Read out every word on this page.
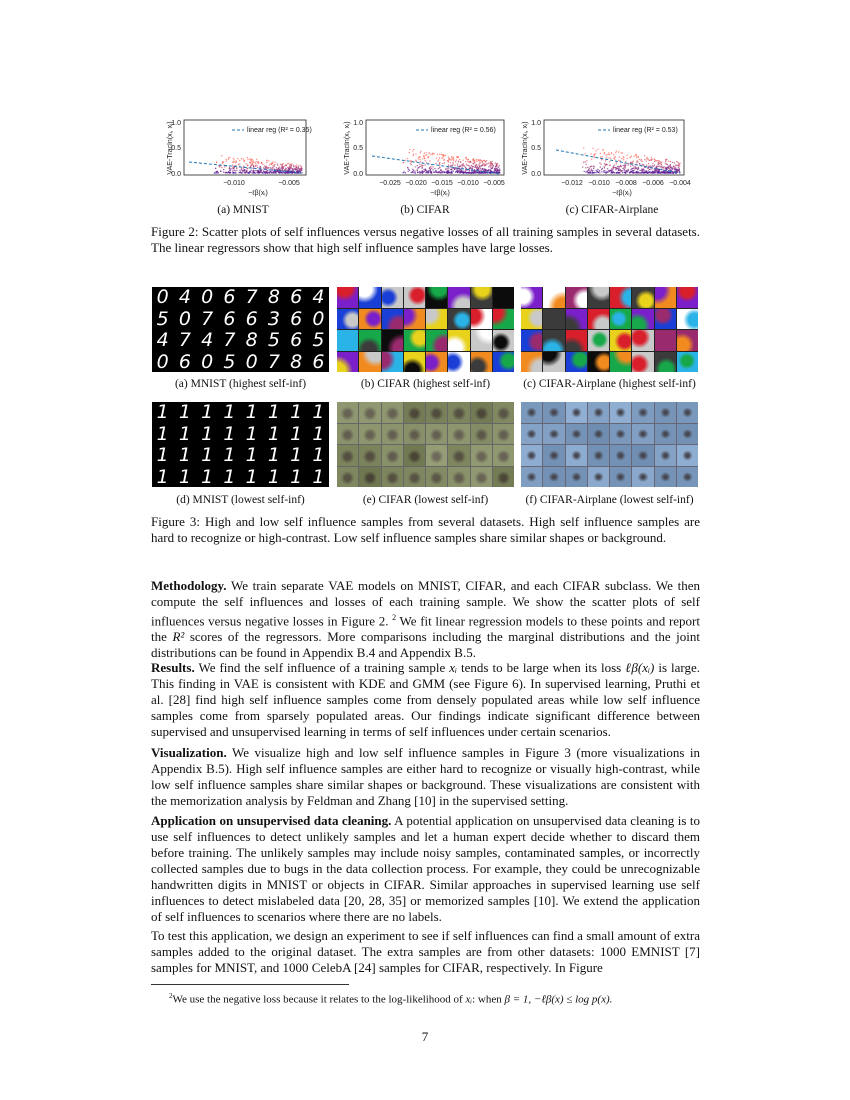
linear reg (R² = 0.35)
1.0
0.5
0.0
−0.010	−0.005
−ℓβ(xᵢ)
VAE-TracIn(xᵢ, xᵢ)	linear reg (R² = 0.56)
1.0
0.5
0.0
−0.025 −0.020 −0.015 −0.010 −0.005
−ℓβ(xᵢ)
VAE-TracIn(xᵢ, xᵢ)	linear reg (R² = 0.53)
1.0
0.5
0.0
−0.012 −0.010 −0.008 −0.006 −0.004
−ℓβ(xᵢ)
VAE-TracIn(xᵢ, xᵢ)
(a) MNIST	(b) CIFAR	(c) CIFAR-Airplane
Figure 2: Scatter plots of self influences versus negative losses of all training samples in several datasets. The linear regressors show that high self influence samples have large losses.
0 4 0 6 7 8 6 4
5 0 7 6 6 3 6 0
4 7 4 7 8 5 6 5
0 6 0 5 0 7 8 6
(a) MNIST (highest self-inf)	(b) CIFAR (highest self-inf)	(c) CIFAR-Airplane (highest self-inf)
1 1 1 1 1 1 1 1
1 1 1 1 1 1 1 1
1 1 1 1 1 1 1 1
1 1 1 1 1 1 1 1
(d) MNIST (lowest self-inf)	(e) CIFAR (lowest self-inf)	(f) CIFAR-Airplane (lowest self-inf)
Figure 3: High and low self influence samples from several datasets. High self influence samples are hard to recognize or high-contrast. Low self influence samples share similar shapes or background.
Methodology. We train separate VAE models on MNIST, CIFAR, and each CIFAR subclass. We then compute the self influences and losses of each training sample. We show the scatter plots of self influences versus negative losses in Figure 2. $^2$ We fit linear regression models to these points and report the R² scores of the regressors. More comparisons including the marginal distributions and the joint distributions can be found in Appendix B.4 and Appendix B.5.
Results. We find the self influence of a training sample xᵢ tends to be large when its loss ℓβ(xᵢ) is large. This finding in VAE is consistent with KDE and GMM (see Figure 6). In supervised learning, Pruthi et al. [28] find high self influence samples come from densely populated areas while low self influence samples come from sparsely populated areas. Our findings indicate significant difference between supervised and unsupervised learning in terms of self influences under certain scenarios.
Visualization. We visualize high and low self influence samples in Figure 3 (more visualizations in Appendix B.5). High self influence samples are either hard to recognize or visually high-contrast, while low self influence samples share similar shapes or background. These visualizations are consistent with the memorization analysis by Feldman and Zhang [10] in the supervised setting.
Application on unsupervised data cleaning. A potential application on unsupervised data cleaning is to use self influences to detect unlikely samples and let a human expert decide whether to discard them before training. The unlikely samples may include noisy samples, contaminated samples, or incorrectly collected samples due to bugs in the data collection process. For example, they could be unrecognizable handwritten digits in MNIST or objects in CIFAR. Similar approaches in supervised learning use self influences to detect mislabeled data [20, 28, 35] or memorized samples [10]. We extend the application of self influences to scenarios where there are no labels.
To test this application, we design an experiment to see if self influences can find a small amount of extra samples added to the original dataset. The extra samples are from other datasets: 1000 EMNIST [7] samples for MNIST, and 1000 CelebA [24] samples for CIFAR, respectively. In Figure
$^2$We use the negative loss because it relates to the log-likelihood of xᵢ: when β = 1, −ℓβ(x) ≤ log p(x).
7
